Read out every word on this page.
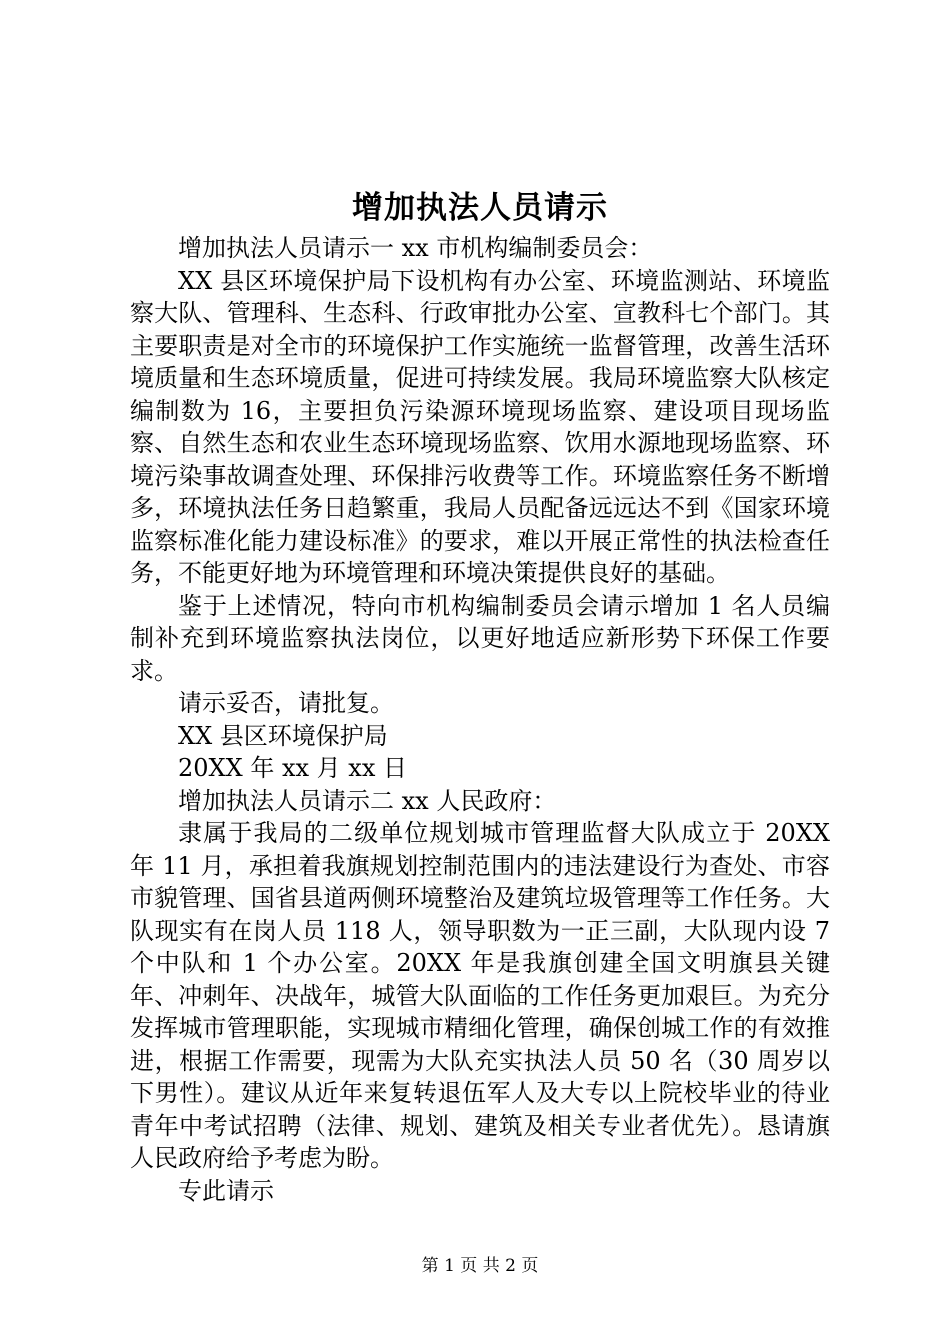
增加执法人员请示

增加执法人员请示一 xx 市机构编制委员会：

XX 县区环境保护局下设机构有办公室、环境监测站、环境监察大队、管理科、生态科、行政审批办公室、宣教科七个部门。其主要职责是对全市的环境保护工作实施统一监督管理，改善生活环境质量和生态环境质量，促进可持续发展。我局环境监察大队核定编制数为 16，主要担负污染源环境现场监察、建设项目现场监察、自然生态和农业生态环境现场监察、饮用水源地现场监察、环境污染事故调查处理、环保排污收费等工作。环境监察任务不断增多，环境执法任务日趋繁重，我局人员配备远远达不到《国家环境监察标准化能力建设标准》的要求，难以开展正常性的执法检查任务，不能更好地为环境管理和环境决策提供良好的基础。

鉴于上述情况，特向市机构编制委员会请示增加 1 名人员编制补充到环境监察执法岗位，以更好地适应新形势下环保工作要求。

请示妥否，请批复。

XX 县区环境保护局

20XX 年 xx 月 xx 日

增加执法人员请示二 xx 人民政府：

隶属于我局的二级单位规划城市管理监督大队成立于 20XX 年 11 月，承担着我旗规划控制范围内的违法建设行为查处、市容市貌管理、国省县道两侧环境整治及建筑垃圾管理等工作任务。大队现实有在岗人员 118 人，领导职数为一正三副，大队现内设 7 个中队和 1 个办公室。20XX 年是我旗创建全国文明旗县关键年、冲刺年、决战年，城管大队面临的工作任务更加艰巨。为充分发挥城市管理职能，实现城市精细化管理，确保创城工作的有效推进，根据工作需要，现需为大队充实执法人员 50 名（30 周岁以下男性）。建议从近年来复转退伍军人及大专以上院校毕业的待业青年中考试招聘（法律、规划、建筑及相关专业者优先）。恳请旗人民政府给予考虑为盼。

专此请示

第 1 页 共 2 页
